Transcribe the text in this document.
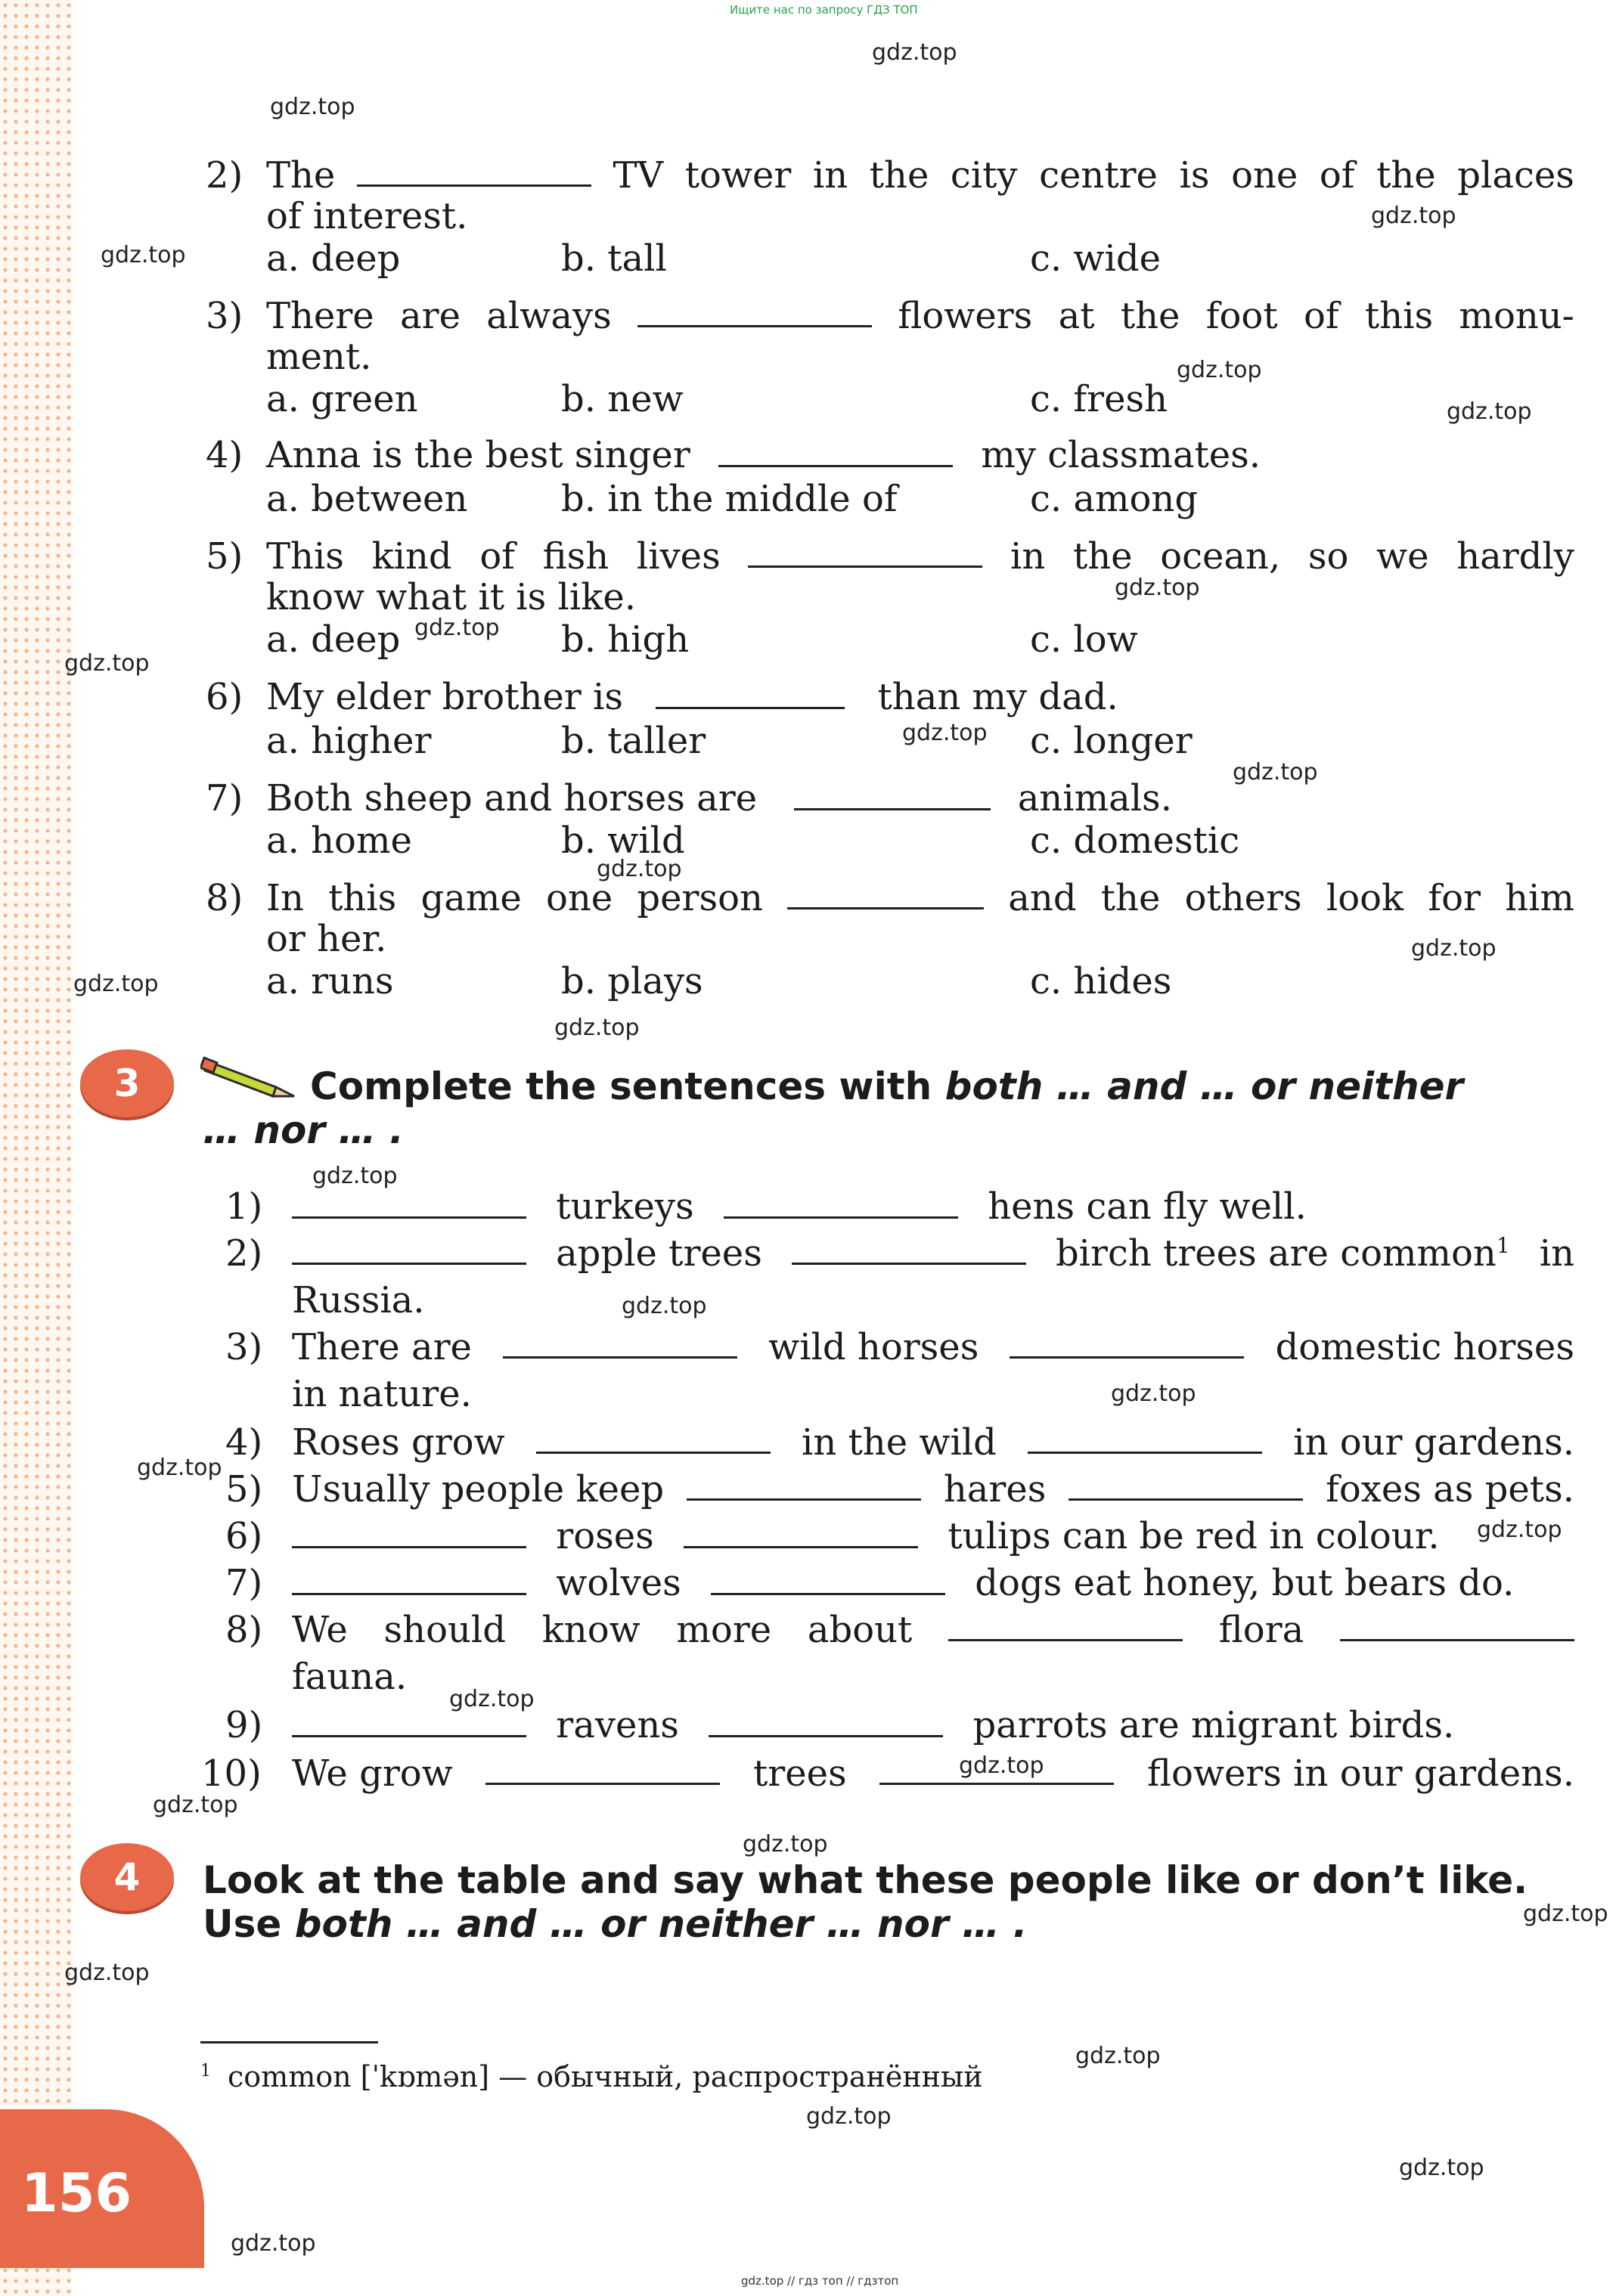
Ищите нас по запросу ГДЗ ТОП
gdz.top
gdz.top
gdz.top
gdz.top
gdz.top
gdz.top
gdz.top
gdz.top
gdz.top
gdz.top
gdz.top
gdz.top
gdz.top
gdz.top
gdz.top
gdz.top
gdz.top
gdz.top
gdz.top
gdz.top
gdz.top
gdz.top
gdz.top
gdz.top
gdz.top
gdz.top
gdz.top
gdz.top
gdz.top
gdz.top
2) The	TV tower in the city centre is one of the places
of interest.
a. deep	b. tall	c. wide
3) There are always	flowers at the foot of this monu-
ment.
a. green	b. new	c. fresh
4) Anna is the best singer	my classmates.
a. between	b. in the middle of	c. among
5) This kind of fish lives	in the ocean, so we hardly
know what it is like.
a. deep	b. high	c. low
6) My elder brother is	than my dad.
a. higher	b. taller	c. longer
7) Both sheep and horses are	animals.
a. home	b. wild	c. domestic
8) In this game one person	and the others look for him
or her.
a. runs	b. plays	c. hides
3	Complete the sentences with both … and … or neither
… nor … .
1)	turkeys	hens can fly well.
2)	apple trees	birch trees are common$^1$ in
Russia.
3) There are	wild horses	domestic horses
in nature.
4) Roses grow	in the wild	in our gardens.
5) Usually people keep	hares	foxes as pets.
6)	roses	tulips can be red in colour.
7)	wolves	dogs eat honey, but bears do.
8) We should know more about	flora
fauna.
9)	ravens	parrots are migrant birds.
10) We grow	trees	flowers in our gardens.
4	Look at the table and say what these people like or don’t like.
Use both … and … or neither … nor … .
$^1$ common [ˈkɒmən] — обычный, распространённый
156
gdz.top // гдз топ // гдзтоп
